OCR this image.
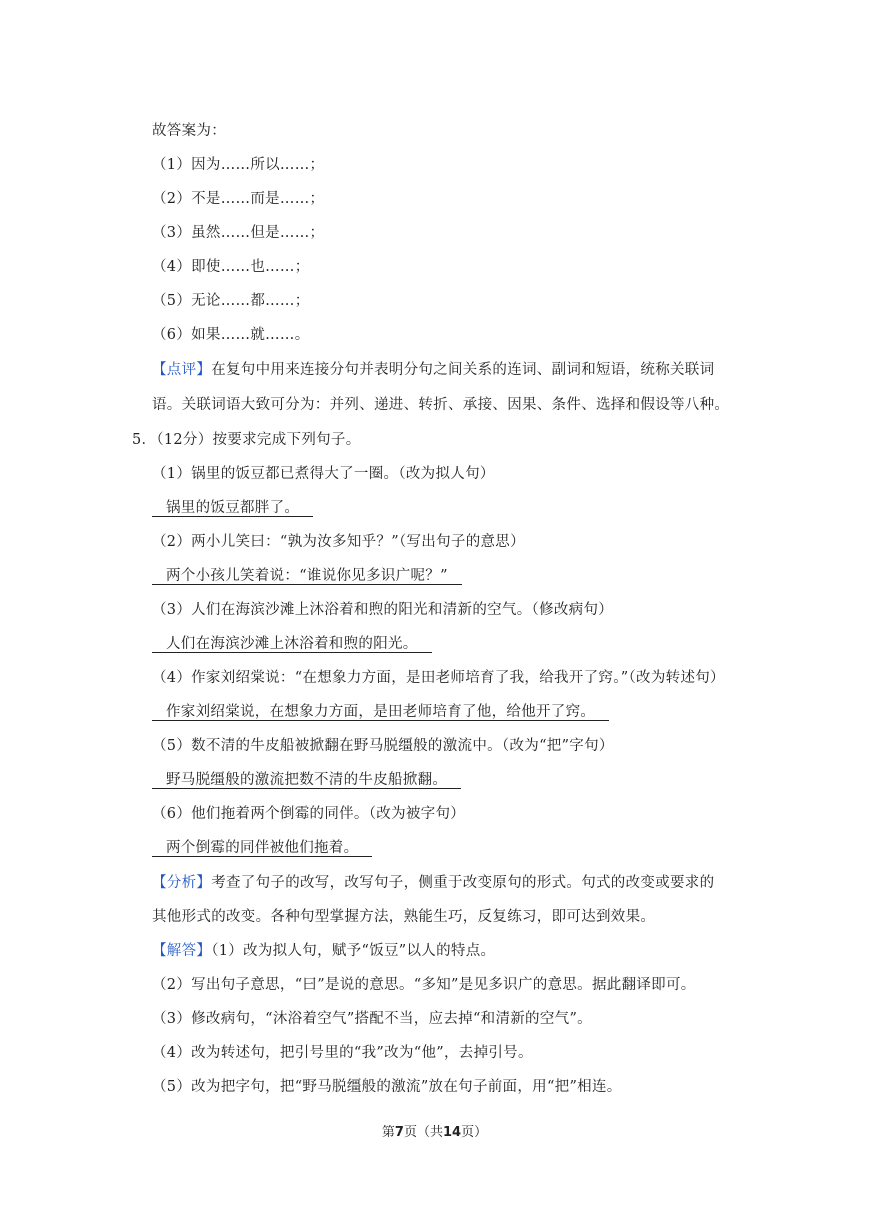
故答案为：
（1）因为……所以……；
（2）不是……而是……；
（3）虽然……但是……；
（4）即使……也……；
（5）无论……都……；
（6）如果……就……。
【点评】在复句中用来连接分句并表明分句之间关系的连词、副词和短语，统称关联词
语。关联词语大致可分为：并列、递进、转折、承接、因果、条件、选择和假设等八种。
5．（12分）按要求完成下列句子。
（1）锅里的饭豆都已煮得大了一圈。（改为拟人句）
锅里的饭豆都胖了。
（2）两小儿笑曰：“孰为汝多知乎？”（写出句子的意思）
两个小孩儿笑着说：“谁说你见多识广呢？”
（3）人们在海滨沙滩上沐浴着和煦的阳光和清新的空气。（修改病句）
人们在海滨沙滩上沐浴着和煦的阳光。
（4）作家刘绍棠说：“在想象力方面，是田老师培育了我，给我开了窍。”（改为转述句）
作家刘绍棠说，在想象力方面，是田老师培育了他，给他开了窍。
（5）数不清的牛皮船被掀翻在野马脱缰般的激流中。（改为“把”字句）
野马脱缰般的激流把数不清的牛皮船掀翻。
（6）他们拖着两个倒霉的同伴。（改为被字句）
两个倒霉的同伴被他们拖着。
【分析】考查了句子的改写，改写句子，侧重于改变原句的形式。句式的改变或要求的
其他形式的改变。各种句型掌握方法，熟能生巧，反复练习，即可达到效果。
【解答】（1）改为拟人句，赋予“饭豆”以人的特点。
（2）写出句子意思，“曰”是说的意思。“多知”是见多识广的意思。据此翻译即可。
（3）修改病句，“沐浴着空气”搭配不当，应去掉“和清新的空气”。
（4）改为转述句，把引号里的“我”改为“他”，去掉引号。
（5）改为把字句，把“野马脱缰般的激流”放在句子前面，用“把”相连。
第7页（共14页）
